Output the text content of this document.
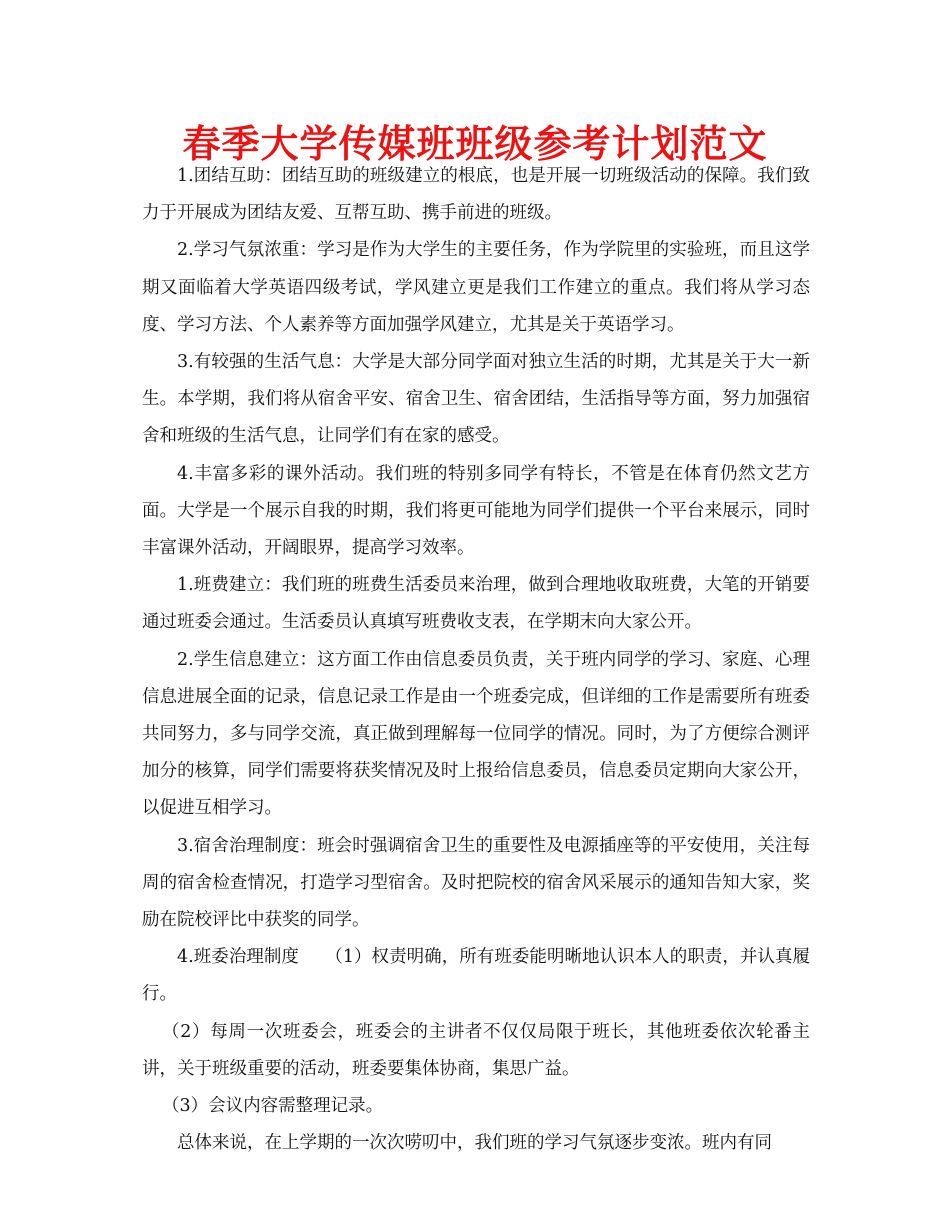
春季大学传媒班班级参考计划范文

1.团结互助：团结互助的班级建立的根底，也是开展一切班级活动的保障。我们致力于开展成为团结友爱、互帮互助、携手前进的班级。

2.学习气氛浓重：学习是作为大学生的主要任务，作为学院里的实验班，而且这学期又面临着大学英语四级考试，学风建立更是我们工作建立的重点。我们将从学习态度、学习方法、个人素养等方面加强学风建立，尤其是关于英语学习。

3.有较强的生活气息：大学是大部分同学面对独立生活的时期，尤其是关于大一新生。本学期，我们将从宿舍平安、宿舍卫生、宿舍团结，生活指导等方面，努力加强宿舍和班级的生活气息，让同学们有在家的感受。

4.丰富多彩的课外活动。我们班的特别多同学有特长，不管是在体育仍然文艺方面。大学是一个展示自我的时期，我们将更可能地为同学们提供一个平台来展示，同时丰富课外活动，开阔眼界，提高学习效率。

1.班费建立：我们班的班费生活委员来治理，做到合理地收取班费，大笔的开销要通过班委会通过。生活委员认真填写班费收支表，在学期末向大家公开。

2.学生信息建立：这方面工作由信息委员负责，关于班内同学的学习、家庭、心理信息进展全面的记录，信息记录工作是由一个班委完成，但详细的工作是需要所有班委共同努力，多与同学交流，真正做到理解每一位同学的情况。同时，为了方便综合测评加分的核算，同学们需要将获奖情况及时上报给信息委员，信息委员定期向大家公开，以促进互相学习。

3.宿舍治理制度：班会时强调宿舍卫生的重要性及电源插座等的平安使用，关注每周的宿舍检查情况，打造学习型宿舍。及时把院校的宿舍风采展示的通知告知大家，奖励在院校评比中获奖的同学。

4.班委治理制度　　（1）权责明确，所有班委能明晰地认识本人的职责，并认真履行。

（2）每周一次班委会，班委会的主讲者不仅仅局限于班长，其他班委依次轮番主讲，关于班级重要的活动，班委要集体协商，集思广益。

（3）会议内容需整理记录。

总体来说，在上学期的一次次唠叨中，我们班的学习气氛逐步变浓。班内有同
